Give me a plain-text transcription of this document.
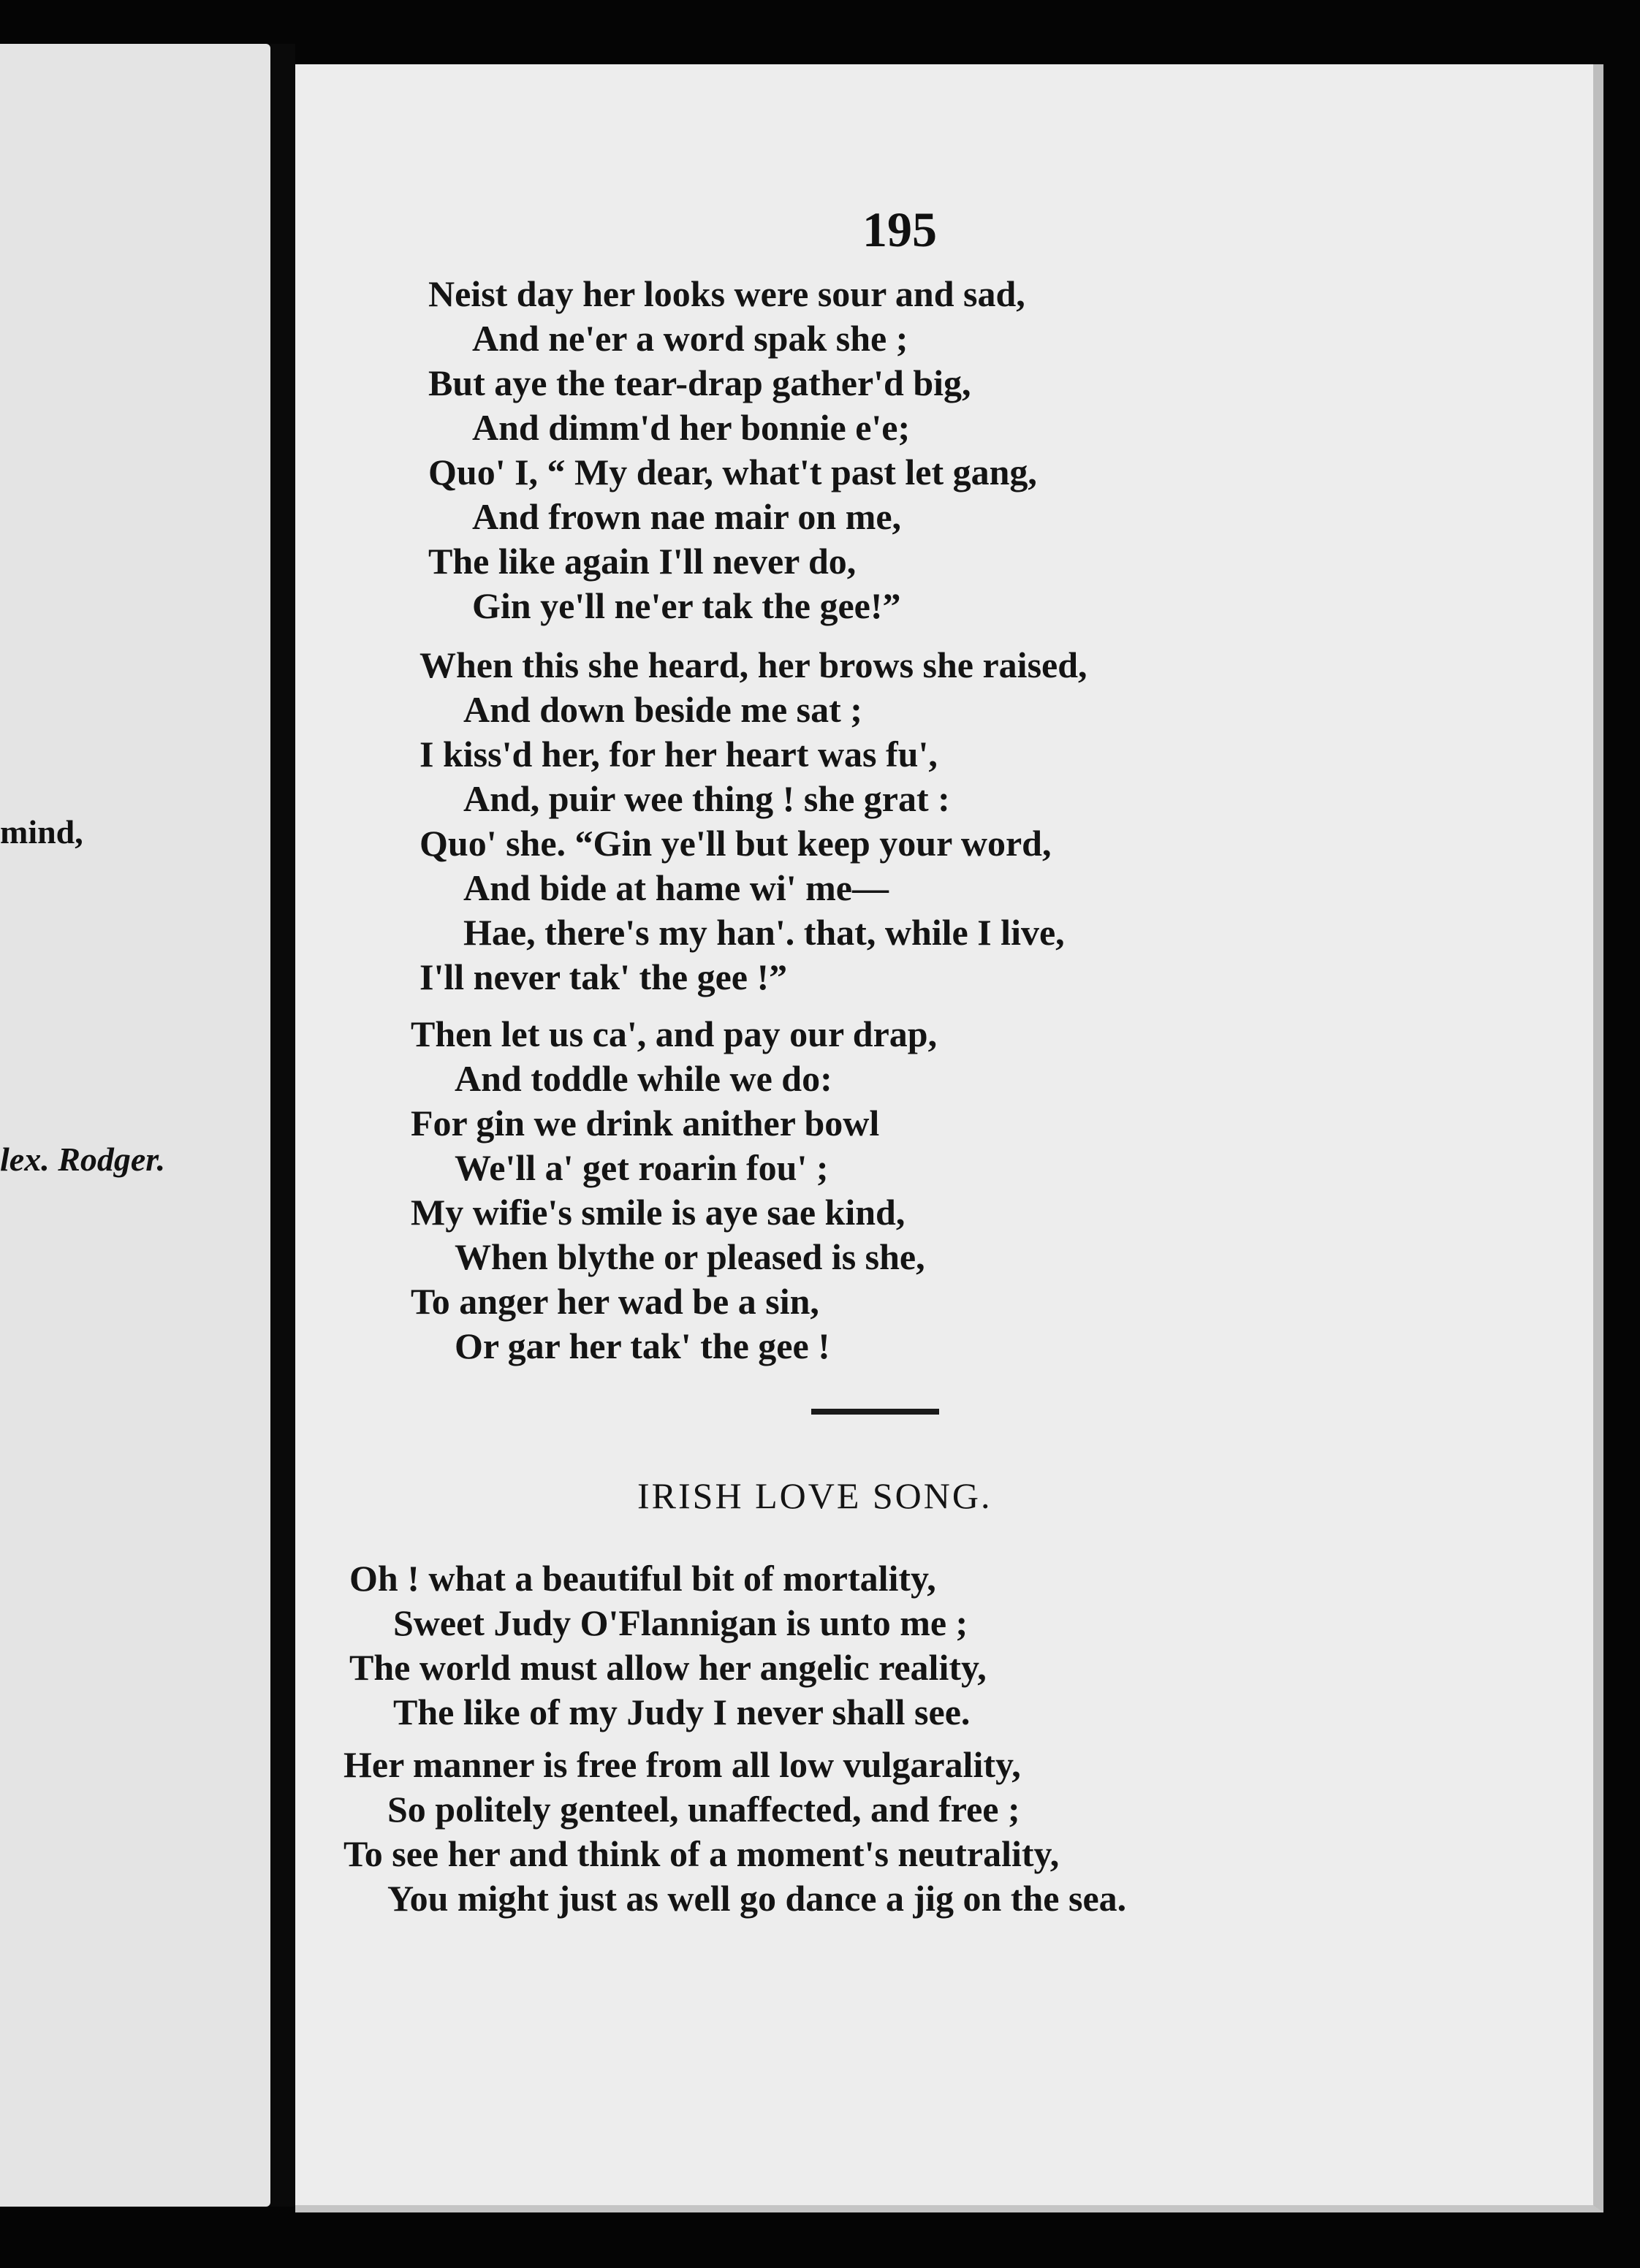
mind,

lex. Rodger.

195

Neist day her looks were sour and sad,
And ne'er a word spak she ;
But aye the tear-drap gather'd big,
And dimm'd her bonnie e'e;
Quo' I, “ My dear, what't past let gang,
And frown nae mair on me,
The like again I'll never do,
Gin ye'll ne'er tak the gee!”
When this she heard, her brows she raised,
And down beside me sat ;
I kiss'd her, for her heart was fu',
And, puir wee thing ! she grat :
Quo' she. “Gin ye'll but keep your word,
And bide at hame wi' me—
Hae, there's my han'. that, while I live,
I'll never tak' the gee !”
Then let us ca', and pay our drap,
And toddle while we do:
For gin we drink anither bowl
We'll a' get roarin fou' ;
My wifie's smile is aye sae kind,
When blythe or pleased is she,
To anger her wad be a sin,
Or gar her tak' the gee !
IRISH LOVE SONG.
Oh ! what a beautiful bit of mortality,
Sweet Judy O'Flannigan is unto me ;
The world must allow her angelic reality,
The like of my Judy I never shall see.
Her manner is free from all low vulgarality,
So politely genteel, unaffected, and free ;
To see her and think of a moment's neutrality,
You might just as well go dance a jig on the sea.
